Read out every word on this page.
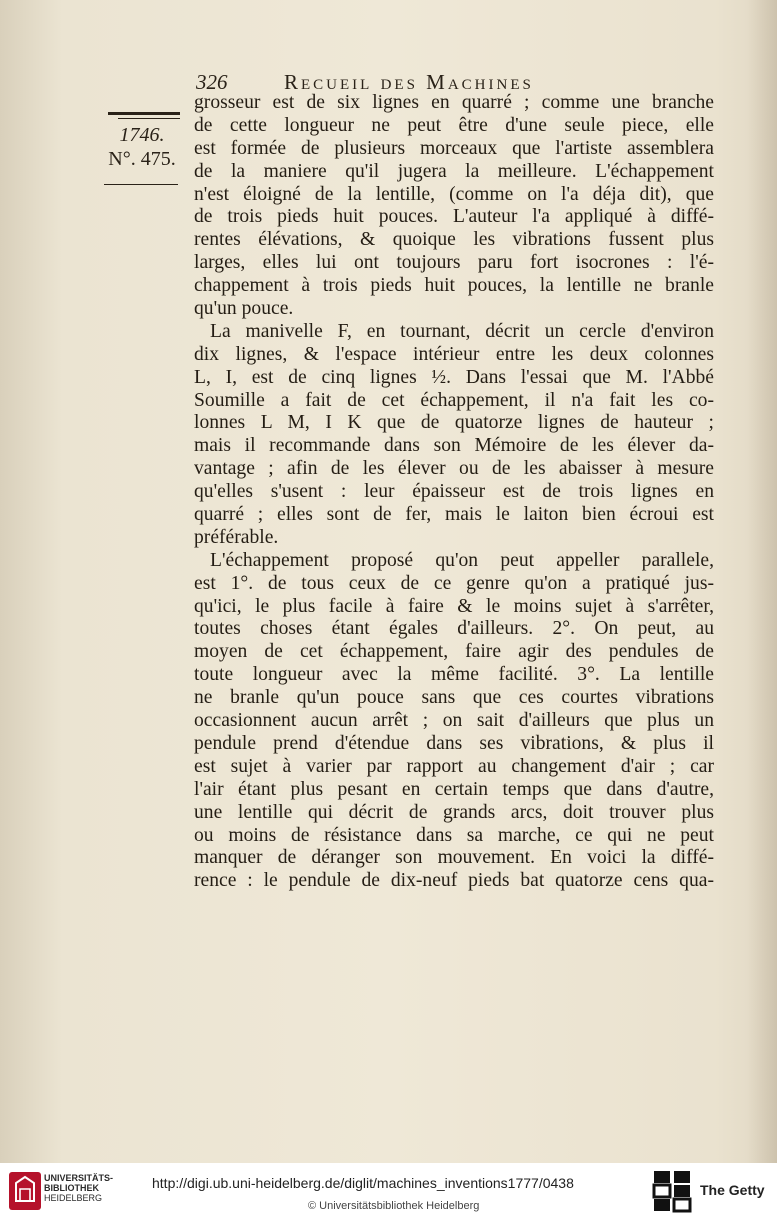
326	Recueil des Machines
1746.
N°. 475.
grosseur est de six lignes en quarré ; comme une branche
de cette longueur ne peut être d'une seule piece, elle
est formée de plusieurs morceaux que l'artiste assemblera
de la maniere qu'il jugera la meilleure. L'échappement
n'est éloigné de la lentille, (comme on l'a déja dit), que
de trois pieds huit pouces. L'auteur l'a appliqué à diffé-
rentes élévations, & quoique les vibrations fussent plus
larges, elles lui ont toujours paru fort isocrones : l'é-
chappement à trois pieds huit pouces, la lentille ne branle
qu'un pouce.
La manivelle F, en tournant, décrit un cercle d'environ
dix lignes, & l'espace intérieur entre les deux colonnes
L, I, est de cinq lignes ½. Dans l'essai que M. l'Abbé
Soumille a fait de cet échappement, il n'a fait les co-
lonnes L M, I K que de quatorze lignes de hauteur ;
mais il recommande dans son Mémoire de les élever da-
vantage ; afin de les élever ou de les abaisser à mesure
qu'elles s'usent : leur épaisseur est de trois lignes en
quarré ; elles sont de fer, mais le laiton bien écroui est
préférable.
L'échappement proposé qu'on peut appeller parallele,
est 1°. de tous ceux de ce genre qu'on a pratiqué jus-
qu'ici, le plus facile à faire & le moins sujet à s'arrêter,
toutes choses étant égales d'ailleurs. 2°. On peut, au
moyen de cet échappement, faire agir des pendules de
toute longueur avec la même facilité. 3°. La lentille
ne branle qu'un pouce sans que ces courtes vibrations
occasionnent aucun arrêt ; on sait d'ailleurs que plus un
pendule prend d'étendue dans ses vibrations, & plus il
est sujet à varier par rapport au changement d'air ; car
l'air étant plus pesant en certain temps que dans d'autre,
une lentille qui décrit de grands arcs, doit trouver plus
ou moins de résistance dans sa marche, ce qui ne peut
manquer de déranger son mouvement. En voici la diffé-
rence : le pendule de dix-neuf pieds bat quatorze cens qua-
UNIVERSITÄTS-
BIBLIOTHEK
HEIDELBERG
http://digi.ub.uni-heidelberg.de/diglit/machines_inventions1777/0438
© Universitätsbibliothek Heidelberg
The Getty
